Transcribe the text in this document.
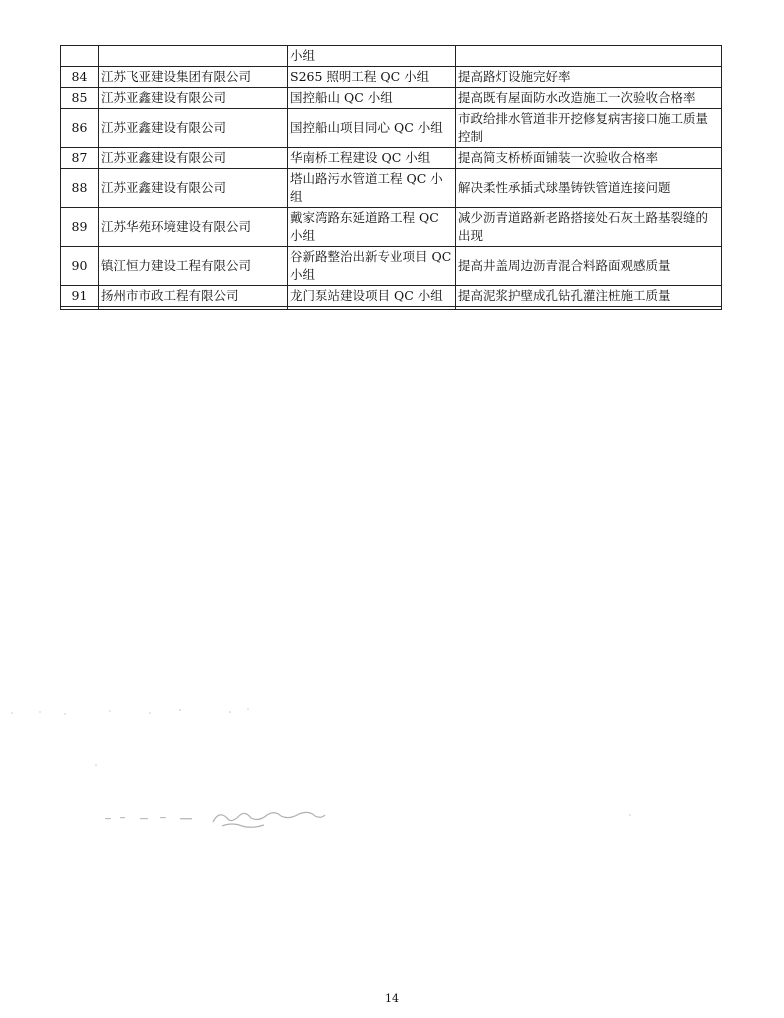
		小组	
84	江苏飞亚建设集团有限公司	S265 照明工程 QC 小组	提高路灯设施完好率
85	江苏亚鑫建设有限公司	国控船山 QC 小组	提高既有屋面防水改造施工一次验收合格率
86	江苏亚鑫建设有限公司	国控船山项目同心 QC 小组	市政给排水管道非开挖修复病害接口施工质量控制
87	江苏亚鑫建设有限公司	华南桥工程建设 QC 小组	提高简支桥桥面铺装一次验收合格率
88	江苏亚鑫建设有限公司	塔山路污水管道工程 QC 小组	解决柔性承插式球墨铸铁管道连接问题
89	江苏华苑环境建设有限公司	戴家湾路东延道路工程 QC 小组	减少沥青道路新老路搭接处石灰土路基裂缝的出现
90	镇江恒力建设工程有限公司	谷新路整治出新专业项目 QC 小组	提高井盖周边沥青混合料路面观感质量
91	扬州市市政工程有限公司	龙门泵站建设项目 QC 小组	提高泥浆护壁成孔钻孔灌注桩施工质量

14
